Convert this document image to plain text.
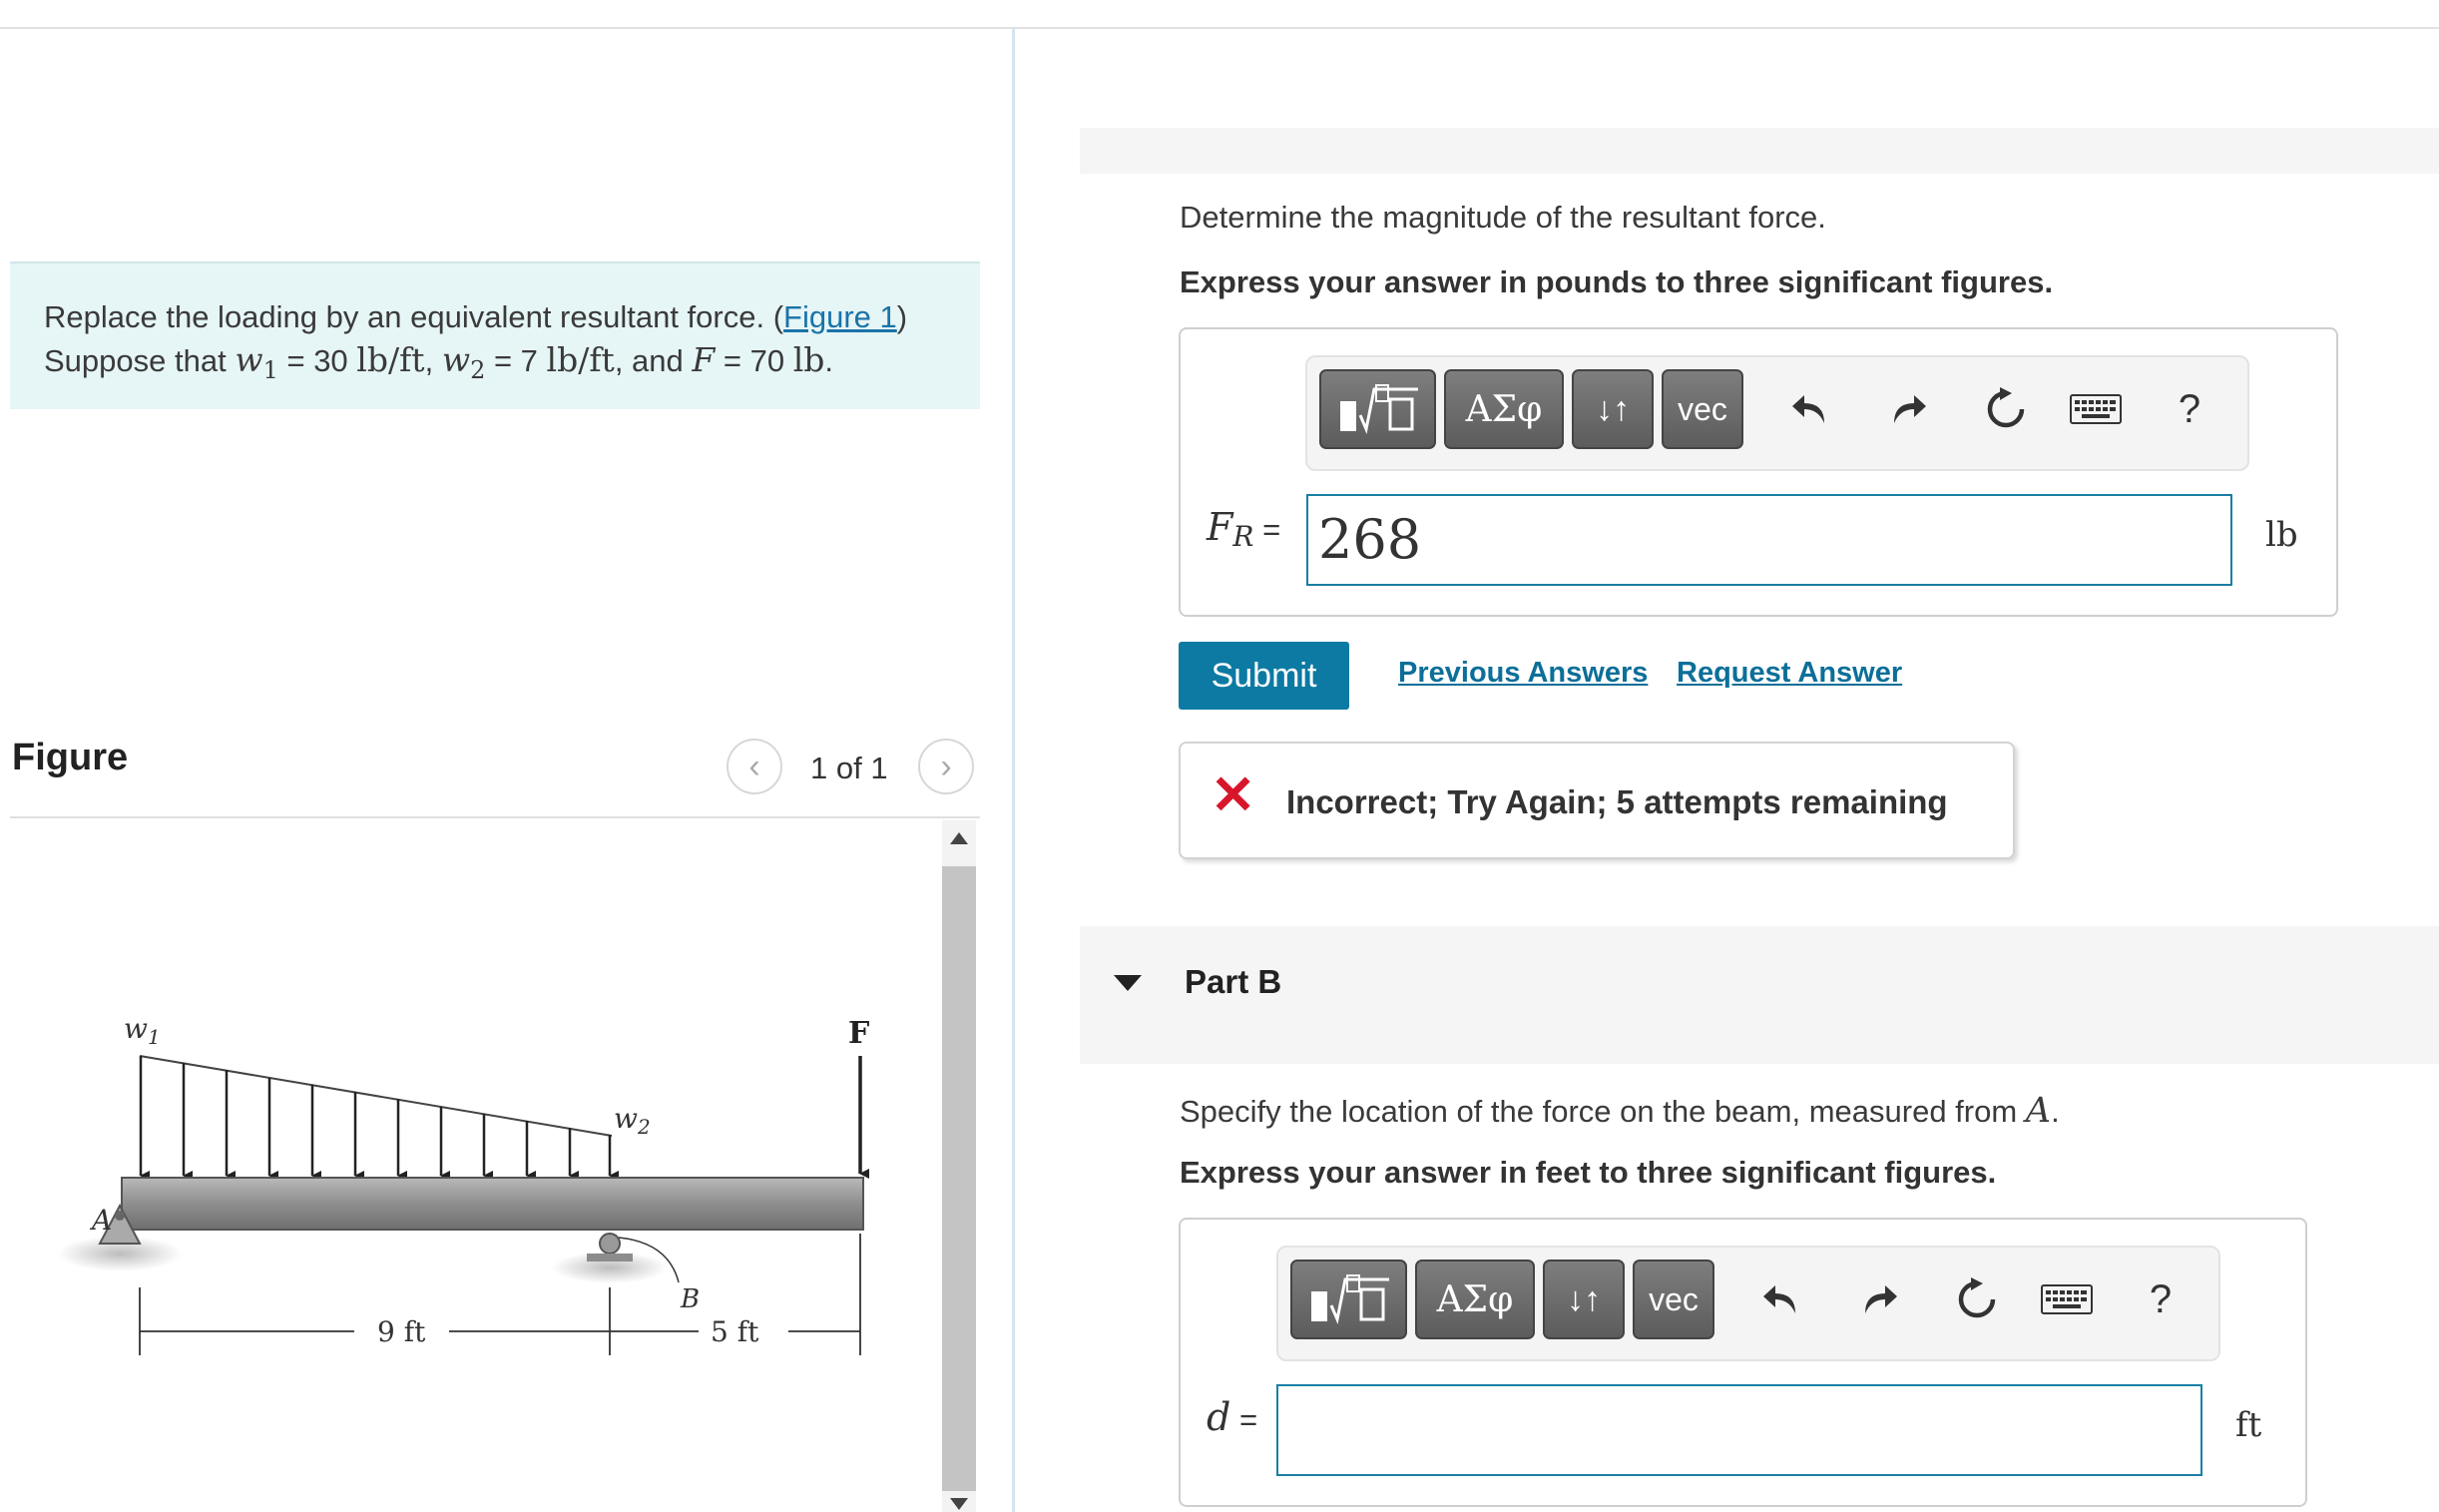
Replace the loading by an equivalent resultant force. (Figure 1)
Suppose that $w_1 = 30$ lb/ft, $w_2 = 7$ lb/ft, and F = 70 lb.
Figure	‹ 1 of 1 ›
$w_1$
$w_2$
F
A
B
9 ft	5 ft
Determine the magnitude of the resultant force.
Express your answer in pounds to three significant figures.
ΑΣφ	↓↑	vec	?
$F_R = 268$	lb
Submit	Previous Answers Request Answer
✕ Incorrect; Try Again; 5 attempts remaining
Part B
Specify the location of the force on the beam, measured from A.
Express your answer in feet to three significant figures.
ΑΣφ	↓↑	vec	?
d =	ft
